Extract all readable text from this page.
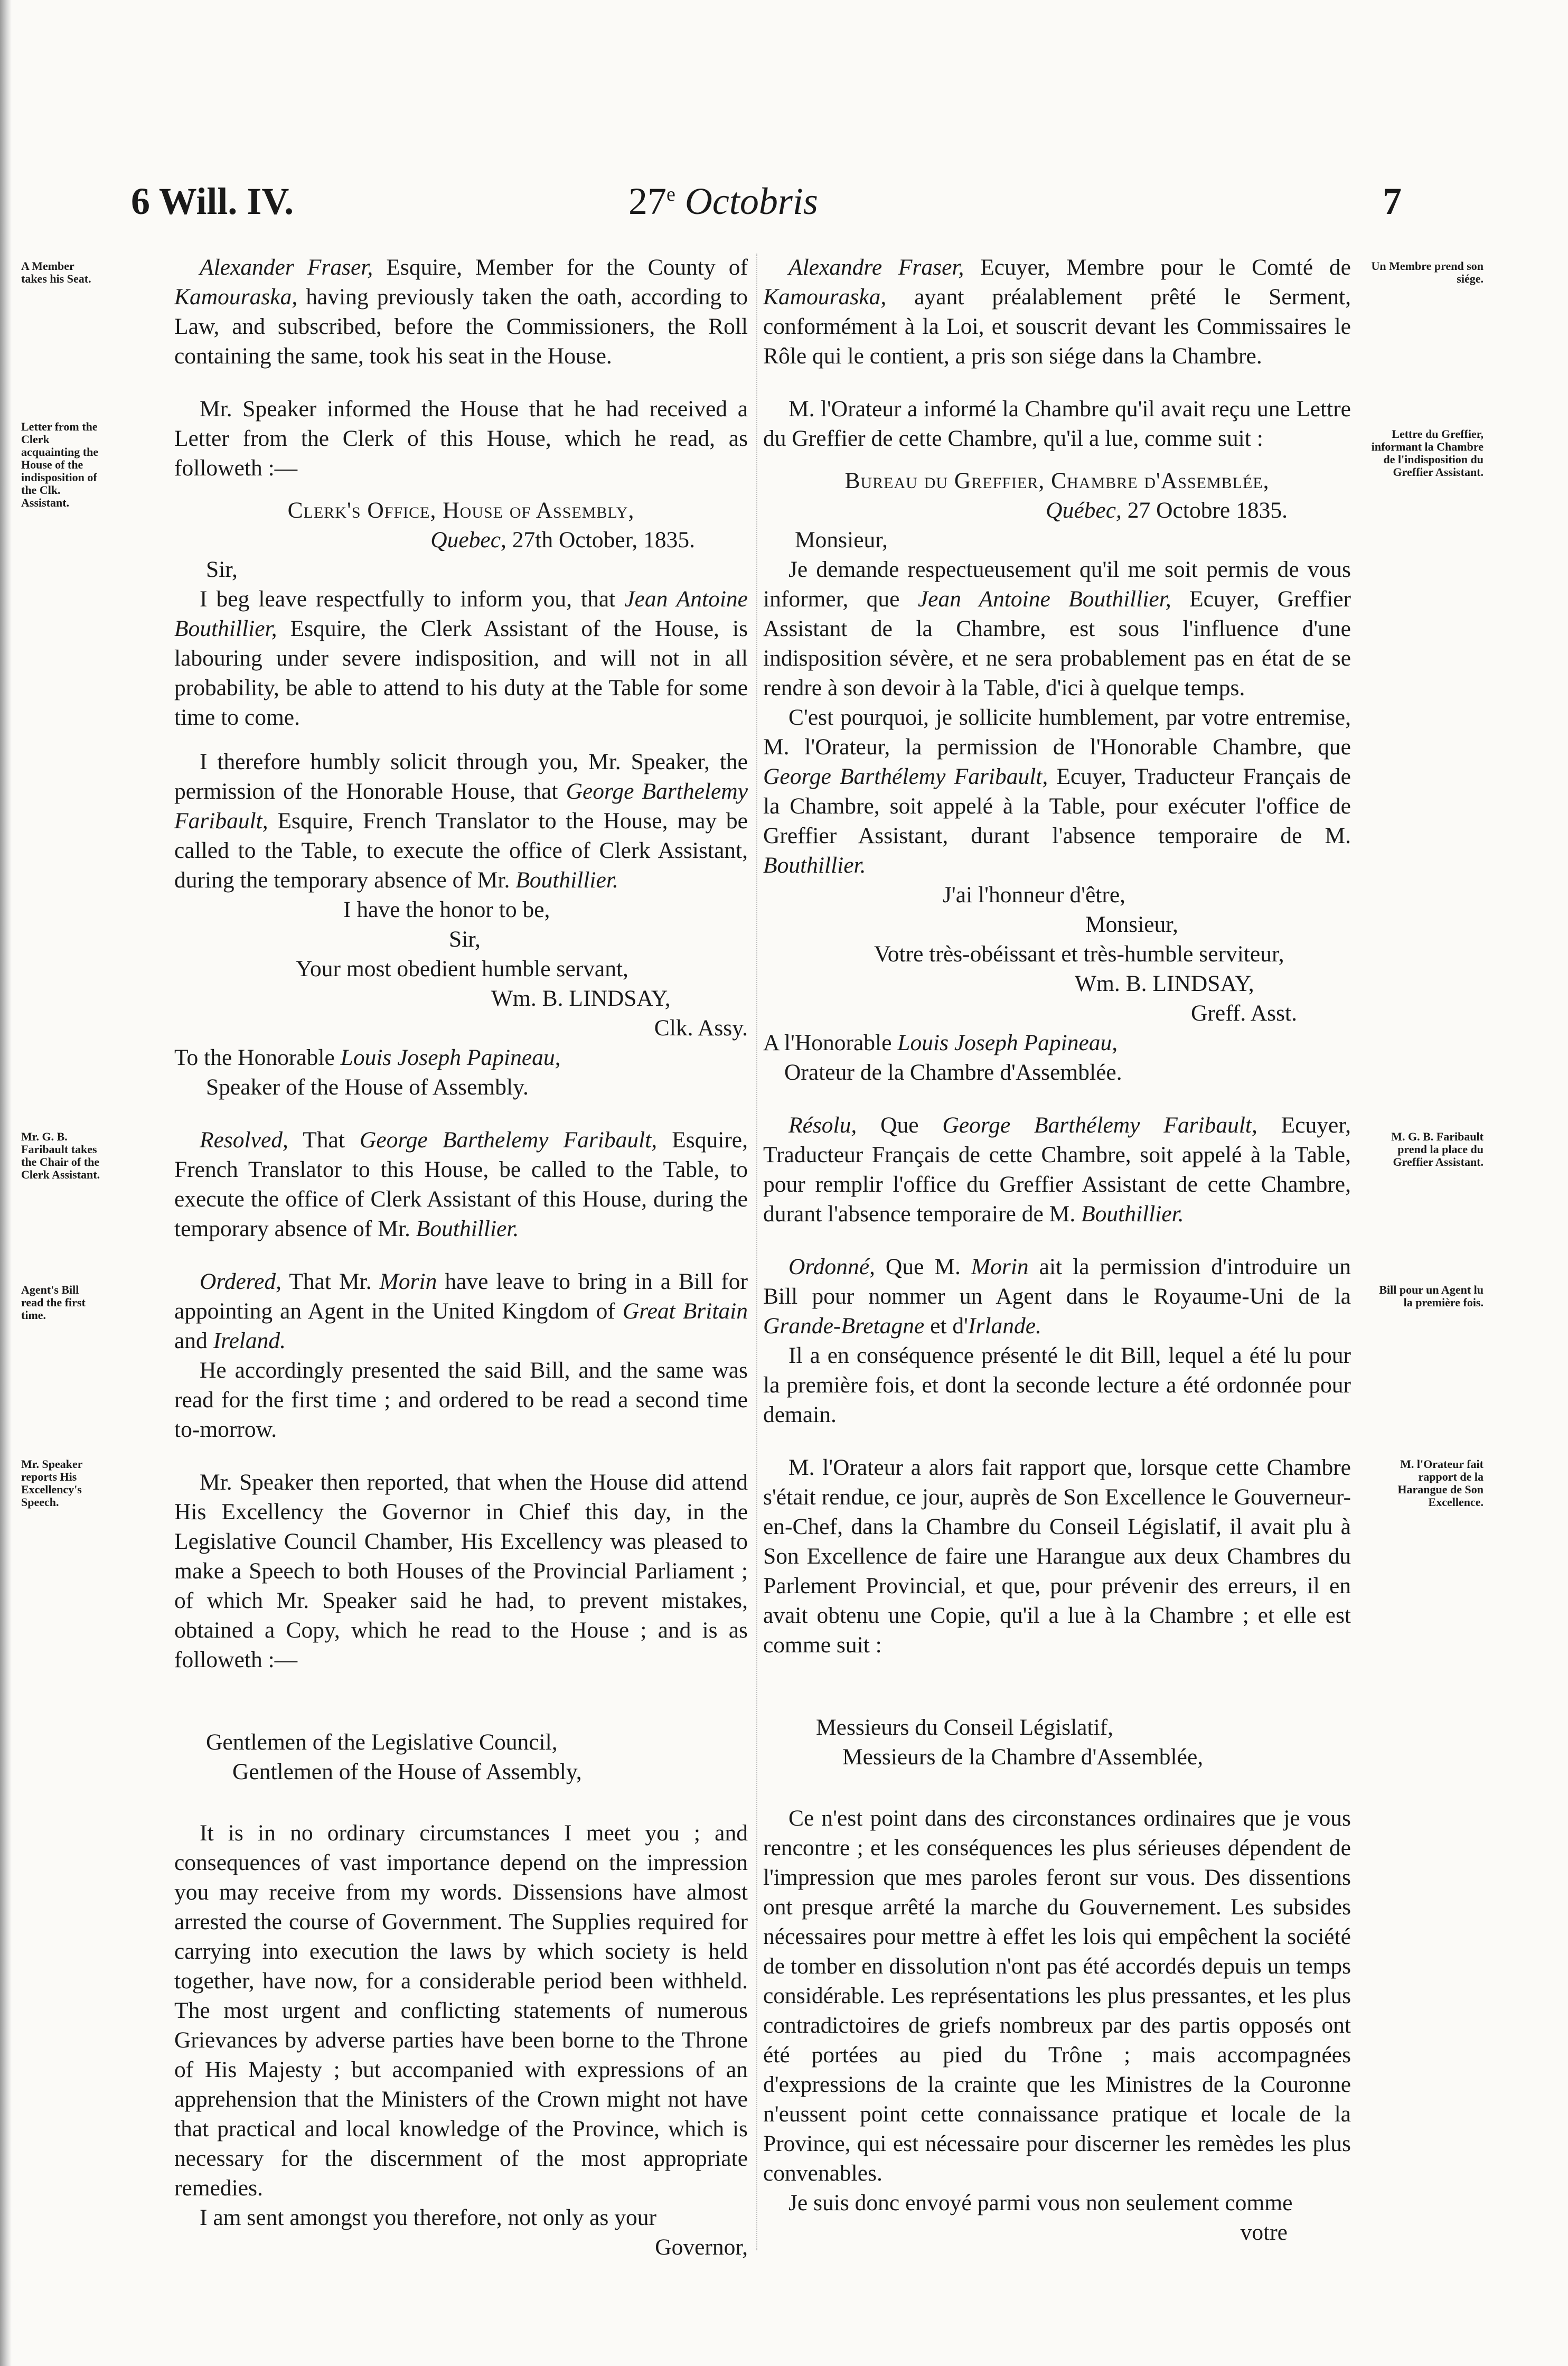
6 Will. IV.	27e Octobris	7
A Member takes his Seat.
Letter from the Clerk acquainting the House of the indisposition of the Clk. Assistant.
Mr. G. B. Faribault takes the Chair of the Clerk Assistant.
Agent's Bill read the first time.
Mr. Speaker reports His Excellency's Speech.
Un Membre prend son siége.
Lettre du Greffier, informant la Chambre de l'indisposition du Greffier Assistant.
M. G. B. Faribault prend la place du Greffier Assistant.
Bill pour un Agent lu la première fois.
M. l'Orateur fait rapport de la Harangue de Son Excellence.

Alexander Fraser, Esquire, Member for the County of Kamouraska, having previously taken the oath, according to Law, and subscribed, before the Commissioners, the Roll containing the same, took his seat in the House.

Mr. Speaker informed the House that he had received a Letter from the Clerk of this House, which he read, as followeth :—

Clerk's Office, House of Assembly,

Quebec, 27th October, 1835.

Sir,

I beg leave respectfully to inform you, that Jean Antoine Bouthillier, Esquire, the Clerk Assistant of the House, is labouring under severe indisposition, and will not in all probability, be able to attend to his duty at the Table for some time to come.

I therefore humbly solicit through you, Mr. Speaker, the permission of the Honorable House, that George Barthelemy Faribault, Esquire, French Translator to the House, may be called to the Table, to execute the office of Clerk Assistant, during the temporary absence of Mr. Bouthillier.

I have the honor to be,

Sir,

Your most obedient humble servant,

Wm. B. LINDSAY,

Clk. Assy.

To the Honorable Louis Joseph Papineau,

Speaker of the House of Assembly.

Resolved, That George Barthelemy Faribault, Esquire, French Translator to this House, be called to the Table, to execute the office of Clerk Assistant of this House, during the temporary absence of Mr. Bouthillier.

Ordered, That Mr. Morin have leave to bring in a Bill for appointing an Agent in the United Kingdom of Great Britain and Ireland.

He accordingly presented the said Bill, and the same was read for the first time ; and ordered to be read a second time to-morrow.

Mr. Speaker then reported, that when the House did attend His Excellency the Governor in Chief this day, in the Legislative Council Chamber, His Excellency was pleased to make a Speech to both Houses of the Provincial Parliament ; of which Mr. Speaker said he had, to prevent mistakes, obtained a Copy, which he read to the House ; and is as followeth :—

Gentlemen of the Legislative Council,

Gentlemen of the House of Assembly,

It is in no ordinary circumstances I meet you ; and consequences of vast importance depend on the impression you may receive from my words. Dissensions have almost arrested the course of Government. The Supplies required for carrying into execution the laws by which society is held together, have now, for a considerable period been withheld. The most urgent and conflicting statements of numerous Grievances by adverse parties have been borne to the Throne of His Majesty ; but accompanied with expressions of an apprehension that the Ministers of the Crown might not have that practical and local knowledge of the Province, which is necessary for the discernment of the most appropriate remedies.

I am sent amongst you therefore, not only as your

Governor,

Alexandre Fraser, Ecuyer, Membre pour le Comté de Kamouraska, ayant préalablement prêté le Serment, conformément à la Loi, et souscrit devant les Commissaires le Rôle qui le contient, a pris son siége dans la Chambre.

M. l'Orateur a informé la Chambre qu'il avait reçu une Lettre du Greffier de cette Chambre, qu'il a lue, comme suit :

Bureau du Greffier, Chambre d'Assemblée,

Québec, 27 Octobre 1835.

Monsieur,

Je demande respectueusement qu'il me soit permis de vous informer, que Jean Antoine Bouthillier, Ecuyer, Greffier Assistant de la Chambre, est sous l'influence d'une indisposition sévère, et ne sera probablement pas en état de se rendre à son devoir à la Table, d'ici à quelque temps.

C'est pourquoi, je sollicite humblement, par votre entremise, M. l'Orateur, la permission de l'Honorable Chambre, que George Barthélemy Faribault, Ecuyer, Traducteur Français de la Chambre, soit appelé à la Table, pour exécuter l'office de Greffier Assistant, durant l'absence temporaire de M. Bouthillier.

J'ai l'honneur d'être,

Monsieur,

Votre très-obéissant et très-humble serviteur,

Wm. B. LINDSAY,

Greff. Asst.

A l'Honorable Louis Joseph Papineau,

Orateur de la Chambre d'Assemblée.

Résolu, Que George Barthélemy Faribault, Ecuyer, Traducteur Français de cette Chambre, soit appelé à la Table, pour remplir l'office du Greffier Assistant de cette Chambre, durant l'absence temporaire de M. Bouthillier.

Ordonné, Que M. Morin ait la permission d'introduire un Bill pour nommer un Agent dans le Royaume-Uni de la Grande-Bretagne et d'Irlande.

Il a en conséquence présenté le dit Bill, lequel a été lu pour la première fois, et dont la seconde lecture a été ordonnée pour demain.

M. l'Orateur a alors fait rapport que, lorsque cette Chambre s'était rendue, ce jour, auprès de Son Excellence le Gouverneur-en-Chef, dans la Chambre du Conseil Législatif, il avait plu à Son Excellence de faire une Harangue aux deux Chambres du Parlement Provincial, et que, pour prévenir des erreurs, il en avait obtenu une Copie, qu'il a lue à la Chambre ; et elle est comme suit :

Messieurs du Conseil Législatif,

Messieurs de la Chambre d'Assemblée,

Ce n'est point dans des circonstances ordinaires que je vous rencontre ; et les conséquences les plus sérieuses dépendent de l'impression que mes paroles feront sur vous. Des dissentions ont presque arrêté la marche du Gouvernement. Les subsides nécessaires pour mettre à effet les lois qui empêchent la société de tomber en dissolution n'ont pas été accordés depuis un temps considérable. Les représentations les plus pressantes, et les plus contradictoires de griefs nombreux par des partis opposés ont été portées au pied du Trône ; mais accompagnées d'expressions de la crainte que les Ministres de la Couronne n'eussent point cette connaissance pratique et locale de la Province, qui est nécessaire pour discerner les remèdes les plus convenables.

Je suis donc envoyé parmi vous non seulement comme

votre
